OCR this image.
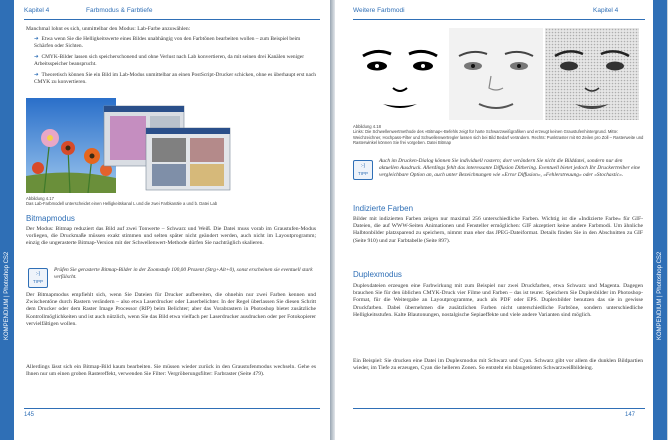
KOMPENDIUM | Photoshop CS2
Kapitel 4	Farbmodus & Farbtiefe
Manchmal lohnt es sich, unmittelbar den Modus: Lab-Farbe anzuwählen:
➜ Etwa wenn Sie die Helligkeitswerte eines Bildes unabhängig von den Farbtönen bearbeiten wollen – zum Beispiel beim Schärfen oder Sichten.
➜ CMYK-Bilder lassen sich speicherschonend und ohne Verlust nach Lab konvertieren, da mit seinen drei Kanälen weniger Arbeitsspeicher beansprucht.
➜ Theoretisch können Sie ein Bild im Lab-Modus unmittelbar an einen PostScript-Drucker schicken, ohne es überhaupt erst nach CMYK zu konvertieren.
Abbildung 4.17
Das Lab-Farbmodell unterscheidet einen Helligkeitskanal L und die zwei Farbkanäle a und b. Datei Lab
Bitmapmodus
Der Modus: Bitmap reduziert das Bild auf zwei Tonwerte – Schwarz und Weiß. Die Datei muss vorab im Graustufen-Modus vorliegen, die Druckmaße müssen exakt stimmen und selten später nicht geändert werden, auch nicht im Layoutprogramm; einzig die ungerasterte Bitmap-Version mit der Schwellenwert-Methode dürfen Sie nachträglich skalieren.
:-)
TIPP
Prüfen Sie gerasterte Bitmap-Bilder in der Zoomstufe 100,00 Prozent (Strg+Alt+0), sonst erscheinen sie eventuell stark verfälscht.
Der Bitmapmodus empfiehlt sich, wenn Sie Dateien für Drucker aufbereiten, die ohnehin nur zwei Farben kennen und Zwischentöne durch Rastern verändern – also etwa Laserdrucker oder Laserbelichter. In der Regel überlassen Sie diesen Schritt dem Drucker oder dem Raster Image Processor (RIP) beim Belichter; aber das Vorabrastern in Photoshop bietet zusätzliche Kontrollmöglichkeiten und ist auch nützlich, wenn Sie das Bild etwa vielfach per Laserdrucker ausdrucken oder per Fotokopierer vervielfältigen wollen.
Allerdings lässt sich ein Bitmap-Bild kaum bearbeiten. Sie müssen wieder zurück in den Graustufenmodus wechseln. Gehe es Ihnen nur um einen groben Rastereffekt, verwenden Sie Filter: Vergröberungsfilter: Farbraster (Seite 479).
145
Weitere Farbmodi	Kapitel 4
Abbildung 4.18
Links: Die Schwellenwertmethode des »Bitmap«-Befehls zeigt für harte Schwarzweißgrafiken und erzeugt keinen Graustufenhintergrund. Mitte: Weichzeichner, Hochpass-Filter und Schwellenwertregler lassen sich bei Bild Bedarf verändern. Rechts: Punktraster mit 60 Zeilen pro Zoll – Rasterweite und Rasterwinkel können Sie frei vorgeben. Datei Bitmap
:-)
TIPP
Auch im Drucken-Dialog können Sie individuell rastern; dort verändern Sie nicht die Bilddatei, sondern nur den aktuellen Ausdruck. Allerdings fehlt das interessante Diffusion Dithering. Eventuell bietet jedoch Ihr Druckertreiber eine vergleichbare Option an, auch unter Bezeichnungen wie »Error Diffusion«, »Fehlerstreuung« oder »Stochastic«.
Indizierte Farben
Bilder mit indizierten Farben zeigen nur maximal 256 unterschiedliche Farben. Wichtig ist die »Indizierte Farbe« für GIF-Dateien, die auf WWW-Seiten Animationen und Fensteller ermöglichen: GIF akzeptiert keine andere Farbmodi. Um ähnliche Halbtonbilder platzsparend zu speichern, nimmt man eher das JPEG-Dateiformat. Details finden Sie in den Abschnitten zu GIF (Seite 910) und zur Farbtabelle (Seite 897).
Duplexmodus
Duplexdateien erzeugen eine Farbwirkung mit zum Beispiel nur zwei Druckfarben, etwa Schwarz und Magenta. Dagegen brauchen Sie für den üblichen CMYK-Druck vier Filme und Farben – das ist teurer. Speichern Sie Duplexbilder im Photoshop-Format, für die Weitergabe an Layoutprogramme, auch als PDF oder EPS. Duplexbilder benutzen das sie in gewisse Druckfarben. Dabei übernehmen die zusätzlichen Farben nicht unterschiedliche Farbtöne, sondern unterschiedliche Helligkeitsstufen. Kalte Blautonungen, nostalgische Sepiaeffekte und viele andere Varianten sind möglich.
Ein Beispiel: Sie drucken eine Datei im Duplexmodus mit Schwarz und Cyan. Schwarz gibt vor allem die dunklen Bildpartien wieder, im Tiefe zu erzeugen, Cyan die helleren Zonen. So entsteht ein blaugetönten Schwarzweißbildeing.
147
KOMPENDIUM | Photoshop CS2
